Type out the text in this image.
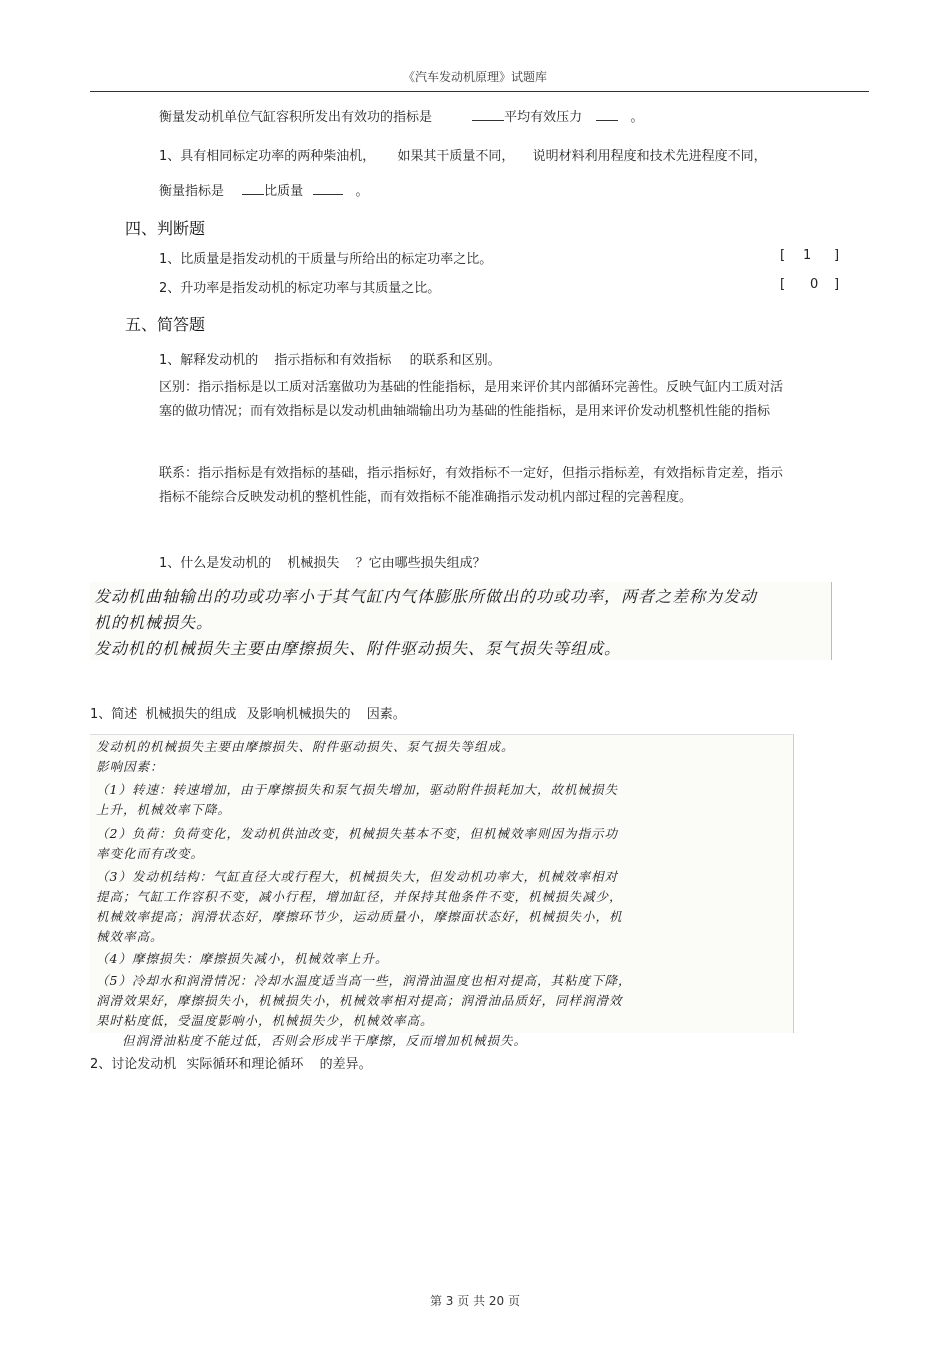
《汽车发动机原理》试题库
衡量发动机单位气缸容积所发出有效功的指标是	平均有效压力	。
1、具有相同标定功率的两种柴油机， 如果其干质量不同， 说明材料利用程度和技术先进程度不同，
衡量指标是	比质量	。
四、判断题
1、比质量是指发动机的干质量与所给出的标定功率之比。	[ 1 ]
2、升功率是指发动机的标定功率与其质量之比。	[ 0 ]
五、简答题
1、解释发动机的 指示指标和有效指标 的联系和区别。
区别：指示指标是以工质对活塞做功为基础的性能指标，是用来评价其内部循环完善性。反映气缸内工质对活塞的做功情况；而有效指标是以发动机曲轴端输出功为基础的性能指标，是用来评价发动机整机性能的指标
联系：指示指标是有效指标的基础，指示指标好，有效指标不一定好，但指示指标差，有效指标肯定差，指示指标不能综合反映发动机的整机性能，而有效指标不能准确指示发动机内部过程的完善程度。
1、什么是发动机的 机械损失 ？它由哪些损失组成？
发动机曲轴输出的功或功率小于其气缸内气体膨胀所做出的功或功率，两者之差称为发动
机的机械损失。
发动机的机械损失主要由摩擦损失、附件驱动损失、泵气损失等组成。
1、简述 机械损失的组成 及影响机械损失的 因素。
发动机的机械损失主要由摩擦损失、附件驱动损失、泵气损失等组成。
影响因素：
（1）转速：转速增加，由于摩擦损失和泵气损失增加，驱动附件损耗加大，故机械损失
上升，机械效率下降。
（2）负荷：负荷变化，发动机供油改变，机械损失基本不变，但机械效率则因为指示功
率变化而有改变。
（3）发动机结构：气缸直径大或行程大，机械损失大，但发动机功率大，机械效率相对
提高；气缸工作容积不变，减小行程，增加缸径，并保持其他条件不变，机械损失减少，
机械效率提高；润滑状态好，摩擦环节少，运动质量小，摩擦面状态好，机械损失小，机
械效率高。
（4）摩擦损失：摩擦损失减小，机械效率上升。
（5）冷却水和润滑情况：冷却水温度适当高一些，润滑油温度也相对提高，其粘度下降，
润滑效果好，摩擦损失小，机械损失小，机械效率相对提高；润滑油品质好，同样润滑效
果时粘度低，受温度影响小，机械损失少，机械效率高。
但润滑油粘度不能过低，否则会形成半干摩擦，反而增加机械损失。
2、讨论发动机 实际循环和理论循环 的差异。
第 3 页 共 20 页
